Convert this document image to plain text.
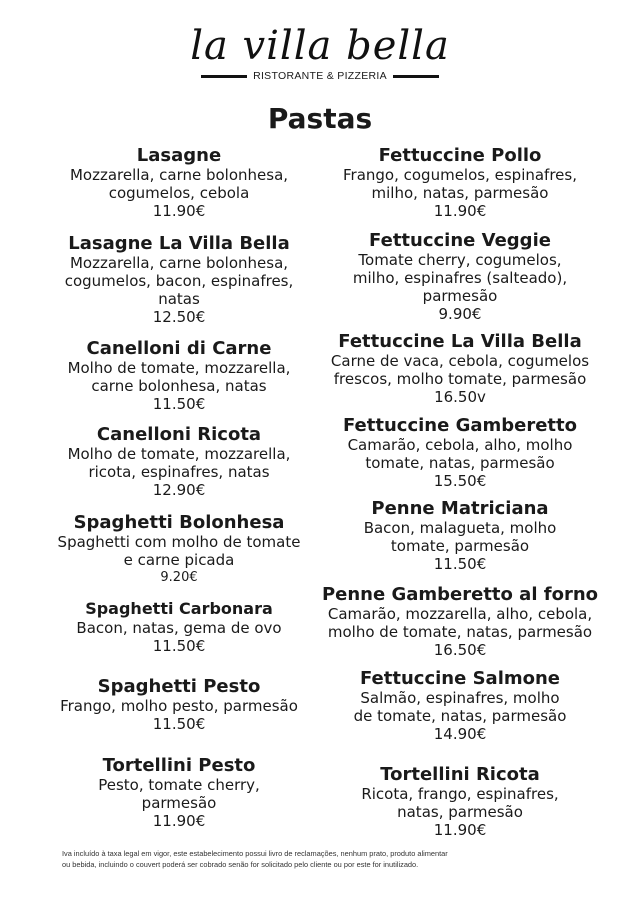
la villa bella
RISTORANTE & PIZZERIA
Pastas
Lasagne
Mozzarella, carne bolonhesa,
cogumelos, cebola
11.90€
Lasagne La Villa Bella
Mozzarella, carne bolonhesa,
cogumelos, bacon, espinafres,
natas
12.50€
Canelloni di Carne
Molho de tomate, mozzarella,
carne bolonhesa, natas
11.50€
Canelloni Ricota
Molho de tomate, mozzarella,
ricota, espinafres, natas
12.90€
Spaghetti Bolonhesa
Spaghetti com molho de tomate
e carne picada
9.20€
Spaghetti Carbonara
Bacon, natas, gema de ovo
11.50€
Spaghetti Pesto
Frango, molho pesto, parmesão
11.50€
Tortellini Pesto
Pesto, tomate cherry,
parmesão
11.90€
Fettuccine Pollo
Frango, cogumelos, espinafres,
milho, natas, parmesão
11.90€
Fettuccine Veggie
Tomate cherry, cogumelos,
milho, espinafres (salteado),
parmesão
9.90€
Fettuccine La Villa Bella
Carne de vaca, cebola, cogumelos
frescos, molho tomate, parmesão
16.50v
Fettuccine Gamberetto
Camarão, cebola, alho, molho
tomate, natas, parmesão
15.50€
Penne Matriciana
Bacon, malagueta, molho
tomate, parmesão
11.50€
Penne Gamberetto al forno
Camarão, mozzarella, alho, cebola,
molho de tomate, natas, parmesão
16.50€
Fettuccine Salmone
Salmão, espinafres, molho
de tomate, natas, parmesão
14.90€
Tortellini Ricota
Ricota, frango, espinafres,
natas, parmesão
11.90€
Iva incluído à taxa legal em vigor, este estabelecimento possui livro de reclamações, nenhum prato, produto alimentar
ou bebida, incluindo o couvert poderá ser cobrado senão for solicitado pelo cliente ou por este for inutilizado.
